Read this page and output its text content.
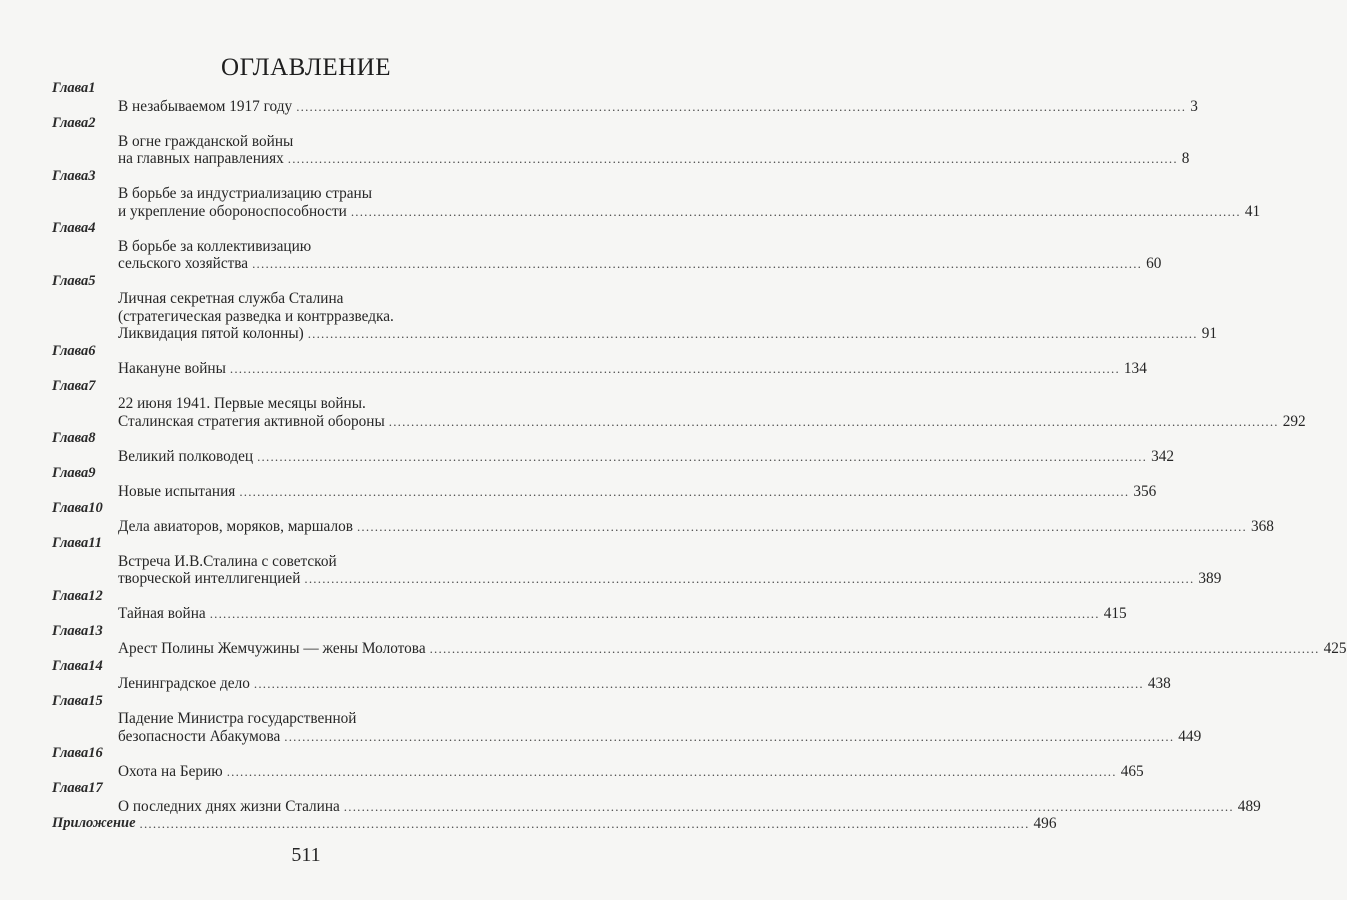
ОГЛАВЛЕНИЕ
Глава1
В незабываемом 1917 году ........................................................................................................................................................................................................ 3
Глава2
В огне гражданской войны
на главных направлениях ........................................................................................................................................................................................................ 8
Глава3
В борьбе за индустриализацию страны
и укрепление обороноспособности ........................................................................................................................................................................................................ 41
Глава4
В борьбе за коллективизацию
сельского хозяйства ........................................................................................................................................................................................................ 60
Глава5
Личная секретная служба Сталина
(стратегическая разведка и контрразведка.
Ликвидация пятой колонны) ........................................................................................................................................................................................................ 91
Глава6
Накануне войны ........................................................................................................................................................................................................ 134
Глава7
22 июня 1941. Первые месяцы войны.
Сталинская стратегия активной обороны ........................................................................................................................................................................................................ 292
Глава8
Великий полководец ........................................................................................................................................................................................................ 342
Глава9
Новые испытания ........................................................................................................................................................................................................ 356
Глава10
Дела авиаторов, моряков, маршалов ........................................................................................................................................................................................................ 368
Глава11
Встреча И.В.Сталина с советской
творческой интеллигенцией ........................................................................................................................................................................................................ 389
Глава12
Тайная война ........................................................................................................................................................................................................ 415
Глава13
Арест Полины Жемчужины — жены Молотова ........................................................................................................................................................................................................ 425
Глава14
Ленинградское дело ........................................................................................................................................................................................................ 438
Глава15
Падение Министра государственной
безопасности Абакумова ........................................................................................................................................................................................................ 449
Глава16
Охота на Берию ........................................................................................................................................................................................................ 465
Глава17
О последних днях жизни Сталина ........................................................................................................................................................................................................ 489
Приложение ........................................................................................................................................................................................................ 496
511
